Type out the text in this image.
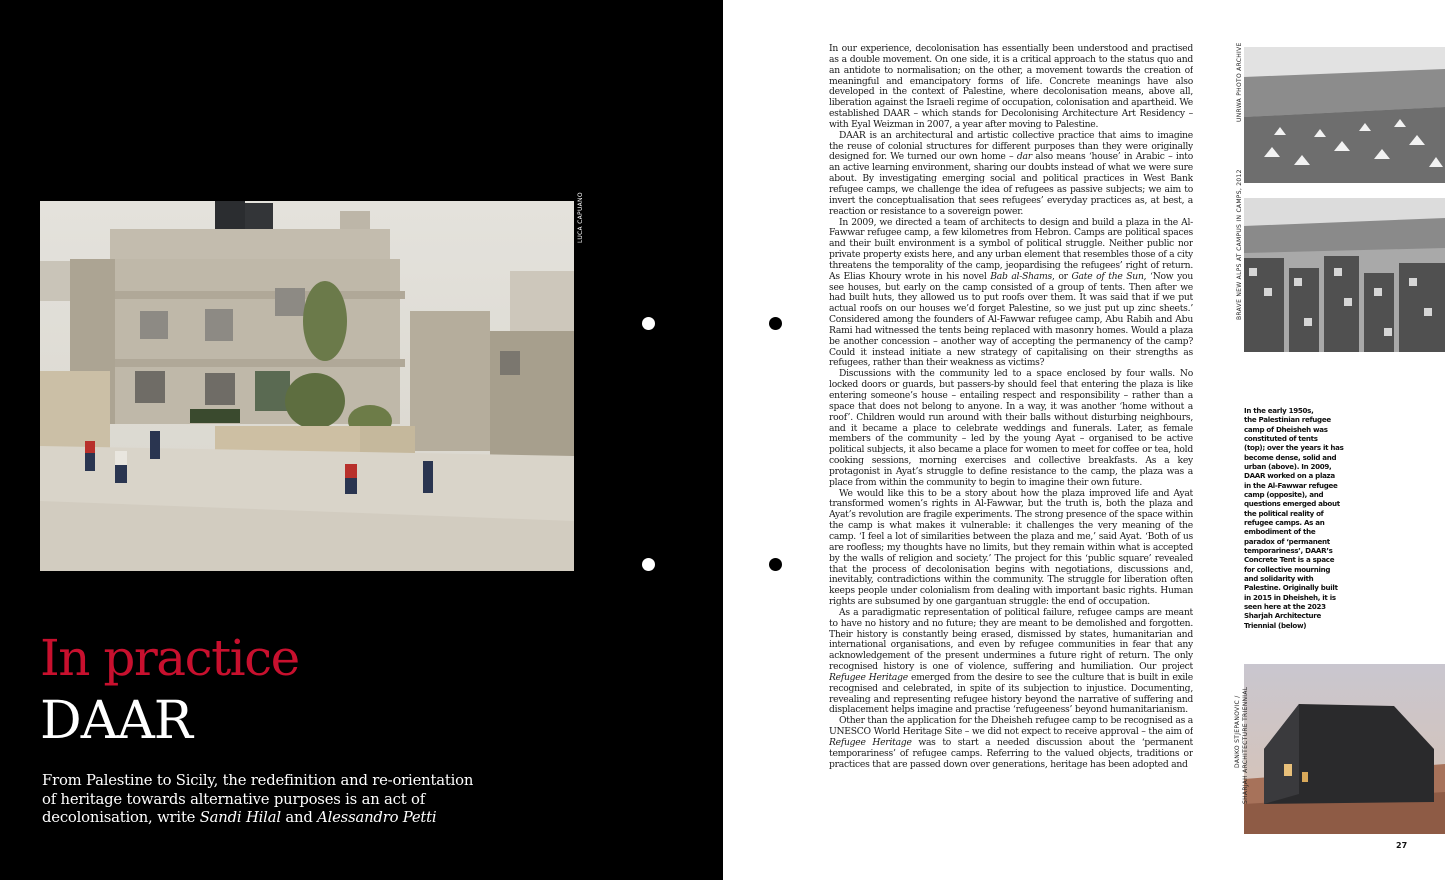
LUCA CAPUANO
In practice
DAAR
From Palestine to Sicily, the redefinition and re-orientation
of heritage towards alternative purposes is an act of
decolonisation, write Sandi Hilal and Alessandro Petti

In our experience, decolonisation has essentially been understood and practised as a double movement. On one side, it is a critical approach to the status quo and an antidote to normalisation; on the other, a movement towards the creation of meaningful and emancipatory forms of life. Concrete meanings have also developed in the context of Palestine, where decolonisation means, above all, liberation against the Israeli regime of occupation, colonisation and apartheid. We established DAAR – which stands for Decolonising Architecture Art Residency – with Eyal Weizman in 2007, a year after moving to Palestine.

DAAR is an architectural and artistic collective practice that aims to imagine the reuse of colonial structures for different purposes than they were originally designed for. We turned our own home – dar also means ‘house’ in Arabic – into an active learning environment, sharing our doubts instead of what we were sure about. By investigating emerging social and political practices in West Bank refugee camps, we challenge the idea of refugees as passive subjects; we aim to invert the conceptualisation that sees refugees’ everyday practices as, at best, a reaction or resistance to a sovereign power.

In 2009, we directed a team of architects to design and build a plaza in the Al-Fawwar refugee camp, a few kilometres from Hebron. Camps are political spaces and their built environment is a symbol of political struggle. Neither public nor private property exists here, and any urban element that resembles those of a city threatens the temporality of the camp, jeopardising the refugees’ right of return. As Elias Khoury wrote in his novel Bab al-Shams, or Gate of the Sun, ‘Now you see houses, but early on the camp consisted of a group of tents. Then after we had built huts, they allowed us to put roofs over them. It was said that if we put actual roofs on our houses we’d forget Palestine, so we just put up zinc sheets.’ Considered among the founders of Al-Fawwar refugee camp, Abu Rabih and Abu Rami had witnessed the tents being replaced with masonry homes. Would a plaza be another concession – another way of accepting the permanency of the camp? Could it instead initiate a new strategy of capitalising on their strengths as refugees, rather than their weakness as victims?

Discussions with the community led to a space enclosed by four walls. No locked doors or guards, but passers-by should feel that entering the plaza is like entering someone’s house – entailing respect and responsibility – rather than a space that does not belong to anyone. In a way, it was another ‘home without a roof’. Children would run around with their balls without disturbing neighbours, and it became a place to celebrate weddings and funerals. Later, as female members of the community – led by the young Ayat – organised to be active political subjects, it also became a place for women to meet for coffee or tea, hold cooking sessions, morning exercises and collective breakfasts. As a key protagonist in Ayat’s struggle to define resistance to the camp, the plaza was a place from within the community to begin to imagine their own future.

We would like this to be a story about how the plaza improved life and Ayat transformed women’s rights in Al-Fawwar, but the truth is, both the plaza and Ayat’s revolution are fragile experiments. The strong presence of the space within the camp is what makes it vulnerable: it challenges the very meaning of the camp. ‘I feel a lot of similarities between the plaza and me,’ said Ayat. ‘Both of us are roofless; my thoughts have no limits, but they remain within what is accepted by the walls of religion and society.’ The project for this ‘public square’ revealed that the process of decolonisation begins with negotiations, discussions and, inevitably, contradictions within the community. The struggle for liberation often keeps people under colonialism from dealing with important basic rights. Human rights are subsumed by one gargantuan struggle: the end of occupation.

As a paradigmatic representation of political failure, refugee camps are meant to have no history and no future; they are meant to be demolished and forgotten. Their history is constantly being erased, dismissed by states, humanitarian and international organisations, and even by refugee communities in fear that any acknowledgement of the present undermines a future right of return. The only recognised history is one of violence, suffering and humiliation. Our project Refugee Heritage emerged from the desire to see the culture that is built in exile recognised and celebrated, in spite of its subjection to injustice. Documenting, revealing and representing refugee history beyond the narrative of suffering and displacement helps imagine and practise ‘refugeeness’ beyond humanitarianism.

Other than the application for the Dheisheh refugee camp to be recognised as a UNESCO World Heritage Site – we did not expect to receive approval – the aim of Refugee Heritage was to start a needed discussion about the ‘permanent temporariness’ of refugee camps. Referring to the valued objects, traditions or practices that are passed down over generations, heritage has been adopted and

UNRWA PHOTO ARCHIVE
BRAVE NEW ALPS AT CAMPUS IN CAMPS, 2012
In the early 1950s,
the Palestinian refugee
camp of Dheisheh was
constituted of tents
(top); over the years it has
become dense, solid and
urban (above). In 2009,
DAAR worked on a plaza
in the Al-Fawwar refugee
camp (opposite), and
questions emerged about
the political reality of
refugee camps. As an
embodiment of the
paradox of ‘permanent
temporariness’, DAAR’s
Concrete Tent is a space
for collective mourning
and solidarity with
Palestine. Originally built
in 2015 in Dheisheh, it is
seen here at the 2023
Sharjah Architecture
Triennial (below)
DANKO STJEPANOVIC / SHARJAH ARCHITECTURE TRIENNIAL
27
